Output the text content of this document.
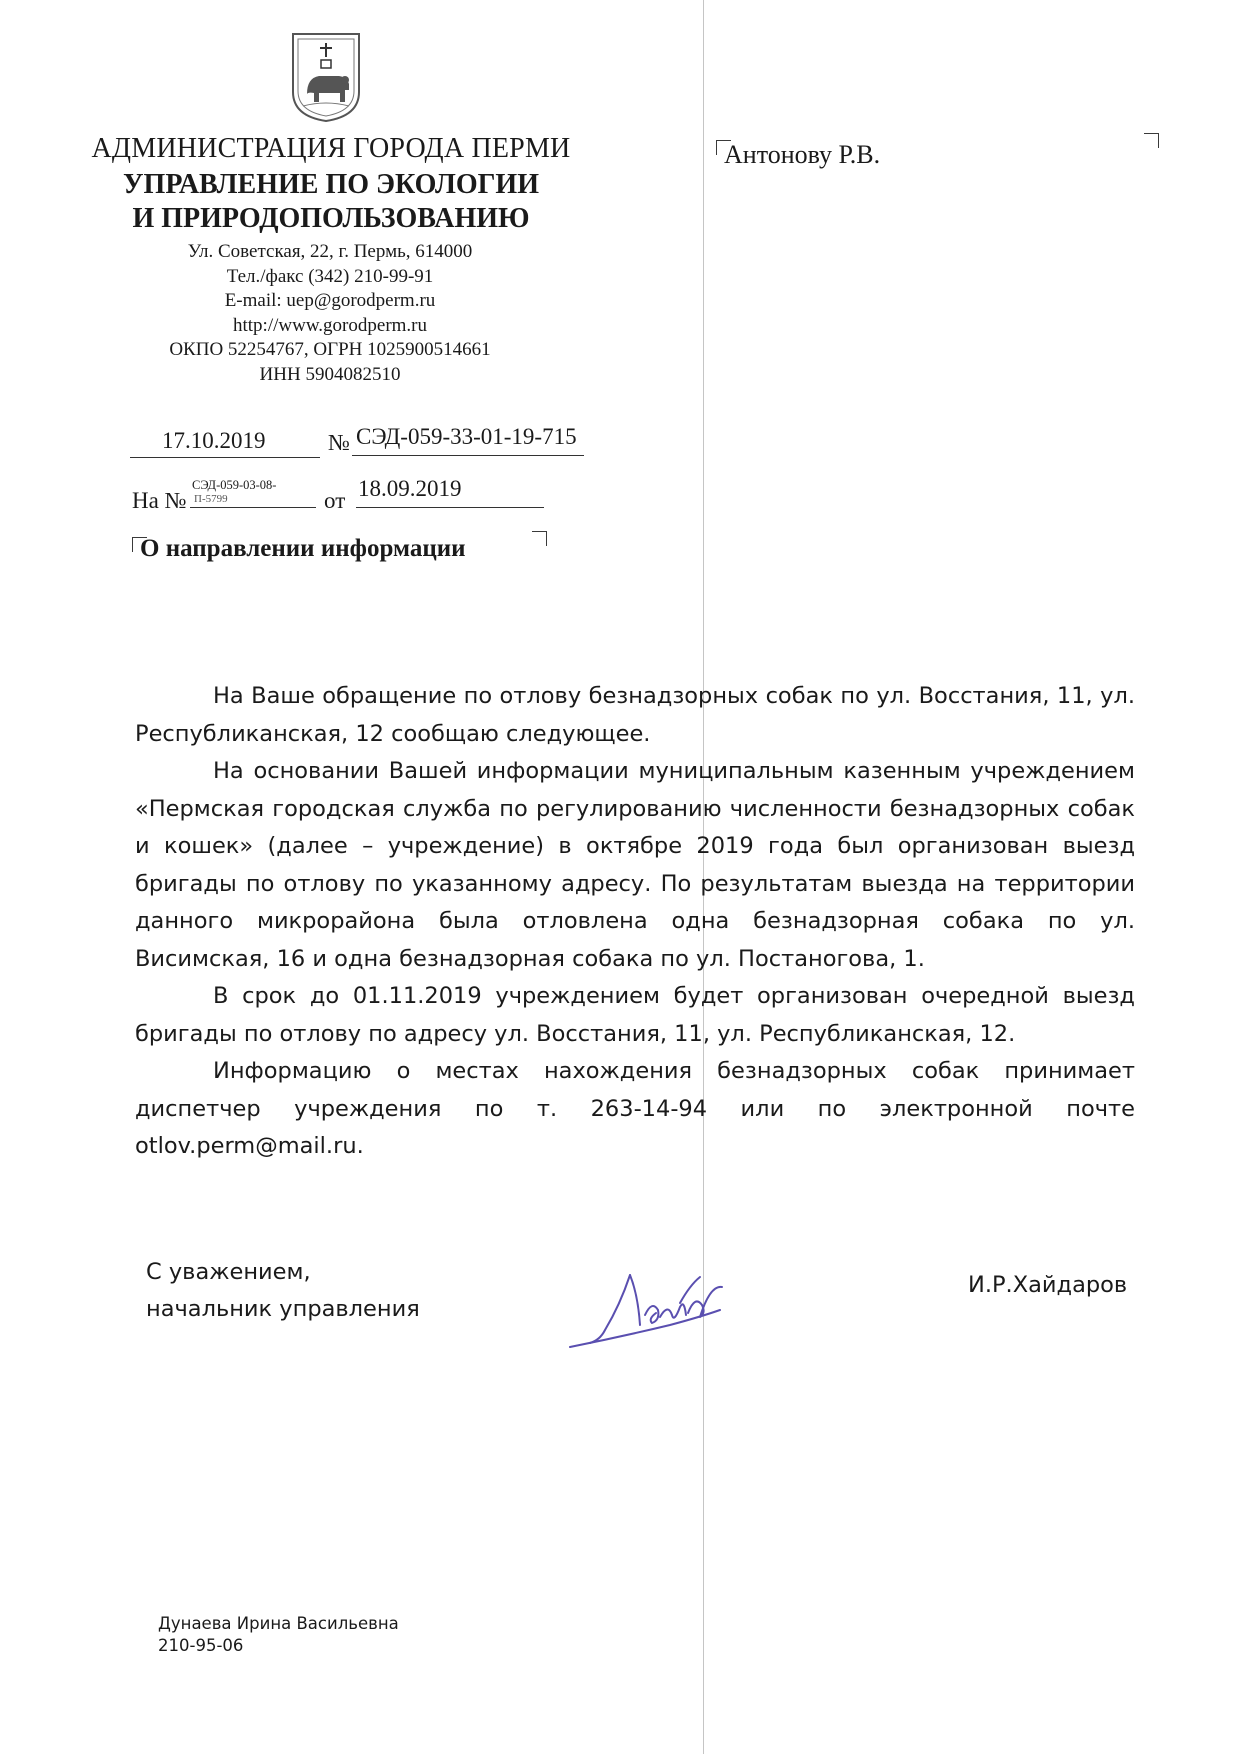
АДМИНИСТРАЦИЯ ГОРОДА ПЕРМИ
УПРАВЛЕНИЕ ПО ЭКОЛОГИИ
И ПРИРОДОПОЛЬЗОВАНИЮ
Ул. Советская, 22, г. Пермь, 614000
Тел./факс (342) 210-99-91
E-mail: uep@gorodperm.ru
http://www.gorodperm.ru
ОКПО 52254767, ОГРН 1025900514661
ИНН 5904082510
Антонову Р.В.
17.10.2019	№ СЭД-059-33-01-19-715
На №
СЭД-059-03-08-
П-5799	от 18.09.2019
О направлении информации

На Ваше обращение по отлову безнадзорных собак по ул. Восстания, 11, ул. Республиканская, 12 сообщаю следующее.

На основании Вашей информации муниципальным казенным учреждением «Пермская городская служба по регулированию численности безнадзорных собак и кошек» (далее – учреждение) в октябре 2019 года был организован выезд бригады по отлову по указанному адресу. По результатам выезда на территории данного микрорайона была отловлена одна безнадзорная собака по ул. Висимская, 16 и одна безнадзорная собака по ул. Постаногова, 1.

В срок до 01.11.2019 учреждением будет организован очередной выезд бригады по отлову по адресу ул. Восстания, 11, ул. Республиканская, 12.

Информацию о местах нахождения безнадзорных собак принимает диспетчер учреждения по т. 263-14-94 или по электронной почте otlov.perm@mail.ru.

С уважением,
начальник управления
И.Р.Хайдаров
Дунаева Ирина Васильевна
210-95-06
